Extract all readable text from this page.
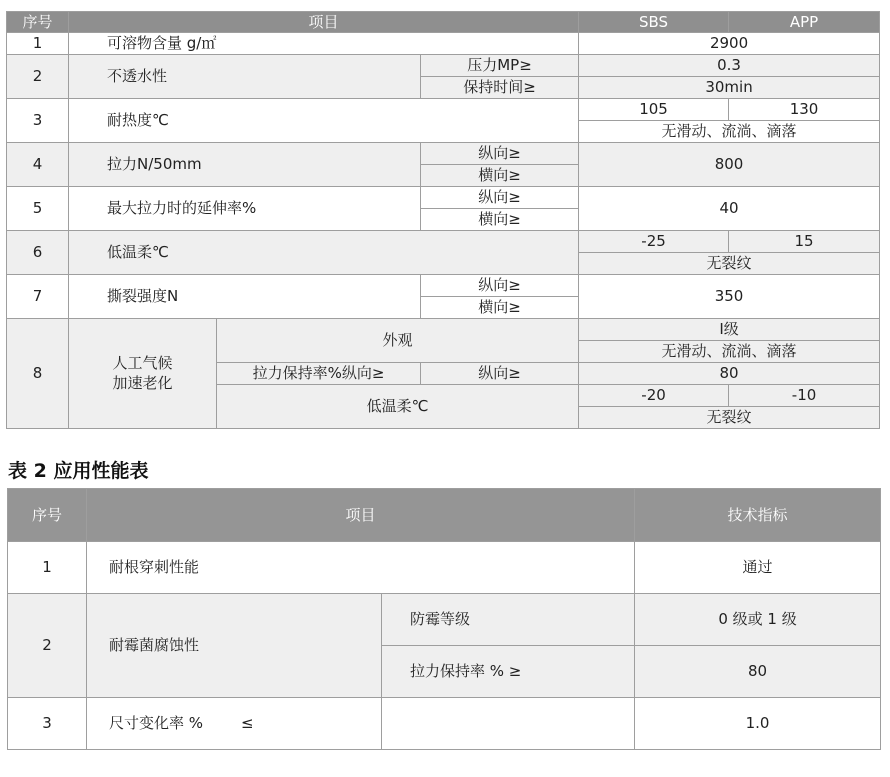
序号	项目			SBS	APP
1	可溶物含量 g/㎡			2900	
2	不透水性		压力MP≥	0.3	
			保持时间≥	30min	
3	耐热度℃			105	130
				无滑动、流淌、滴落	
4	拉力N/50mm		纵向≥	800	
			横向≥		
5	最大拉力时的延伸率%		纵向≥	40	
			横向≥		
6	低温柔℃			-25	15
				无裂纹	
7	撕裂强度N		纵向≥	350	
			横向≥		
8	人工气候
加速老化	外观		I级	
				无滑动、流淌、滴落	
		拉力保持率%纵向≥	纵向≥	80	
		低温柔℃		-20	-10
				无裂纹	
表 2 应用性能表
序号	项目		技术指标
1	耐根穿刺性能		通过
2	耐霉菌腐蚀性	防霉等级	0 级或 1 级
		拉力保持率 % ≥	80
3	尺寸变化率 % ≤		1.0
